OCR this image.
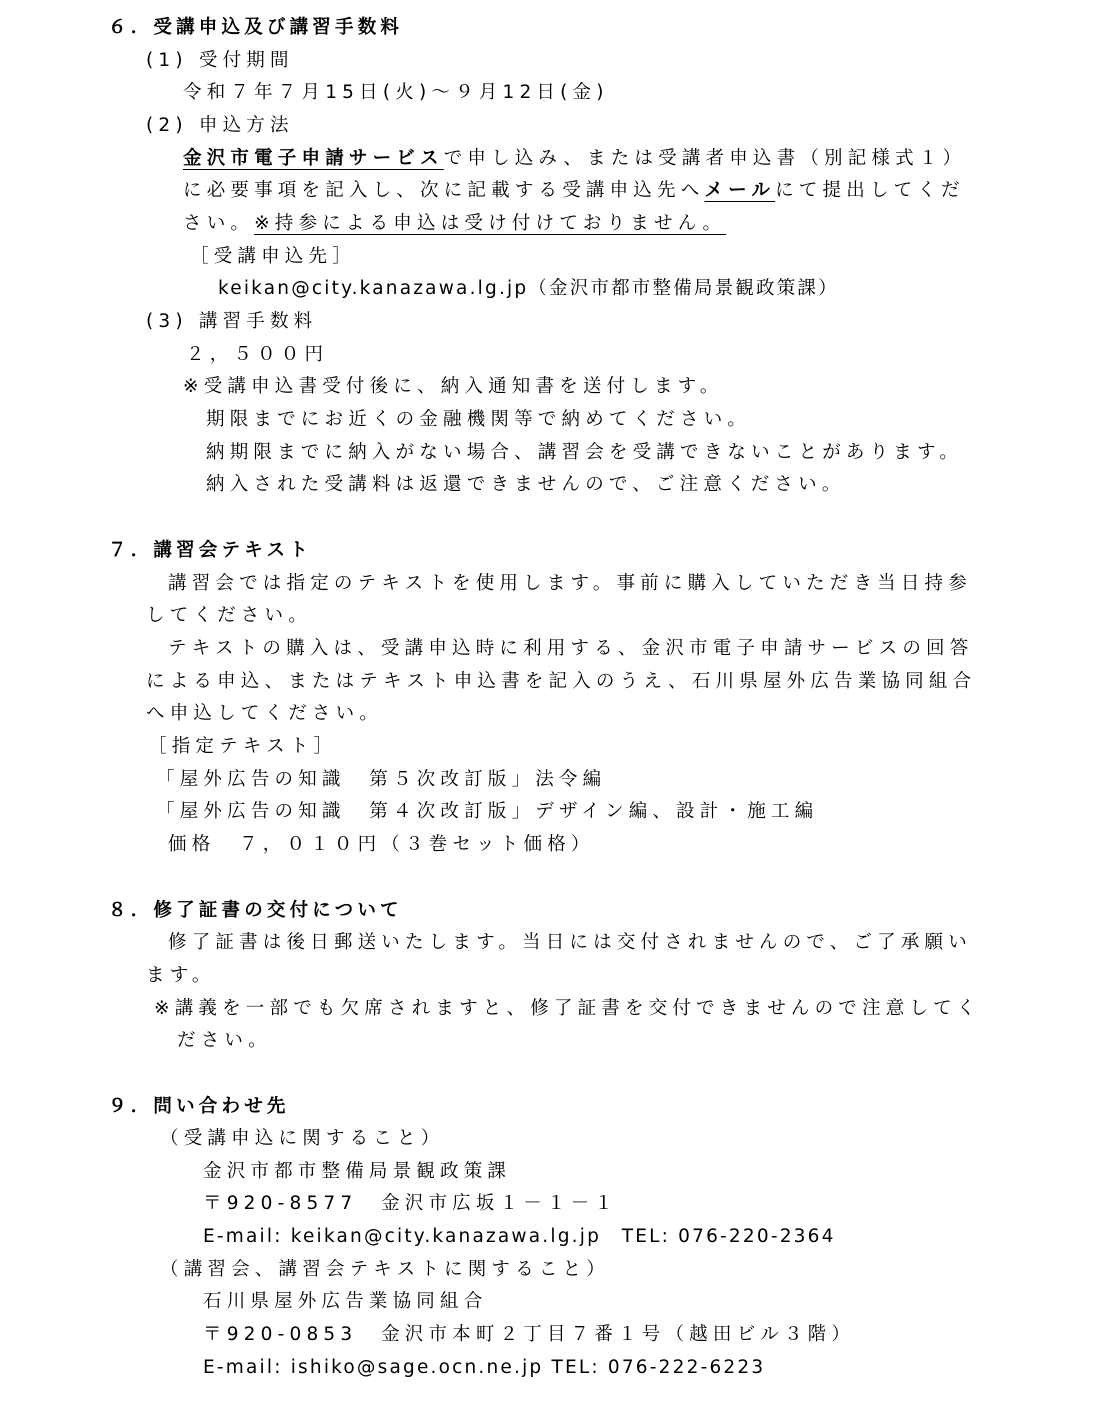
６．受講申込及び講習手数料
(1) 受付期間
令和７年７月15日(火)～９月12日(金)
(2) 申込方法
金沢市電子申請サービスで申し込み、または受講者申込書（別記様式１）
に必要事項を記入し、次に記載する受講申込先へメールにて提出してくだ
さい。※持参による申込は受け付けておりません。
［受講申込先］
keikan@city.kanazawa.lg.jp（金沢市都市整備局景観政策課）
(3) 講習手数料
２，５００円
※受講申込書受付後に、納入通知書を送付します。
期限までにお近くの金融機関等で納めてください。
納期限までに納入がない場合、講習会を受講できないことがあります。
納入された受講料は返還できませんので、ご注意ください。
７．講習会テキスト
講習会では指定のテキストを使用します。事前に購入していただき当日持参
してください。
テキストの購入は、受講申込時に利用する、金沢市電子申請サービスの回答
による申込、またはテキスト申込書を記入のうえ、石川県屋外広告業協同組合
へ申込してください。
［指定テキスト］
「屋外広告の知識　第５次改訂版」法令編
「屋外広告の知識　第４次改訂版」デザイン編、設計・施工編
価格　７，０１０円（３巻セット価格）
８．修了証書の交付について
修了証書は後日郵送いたします。当日には交付されませんので、ご了承願い
ます。
※講義を一部でも欠席されますと、修了証書を交付できませんので注意してく
ださい。
９．問い合わせ先
（受講申込に関すること）
金沢市都市整備局景観政策課
〒920-8577　金沢市広坂１－１－１
E-mail: keikan@city.kanazawa.lg.jp　TEL: 076-220-2364
（講習会、講習会テキストに関すること）
石川県屋外広告業協同組合
〒920-0853　金沢市本町２丁目７番１号（越田ビル３階）
E-mail: ishiko@sage.ocn.ne.jp TEL: 076-222-6223
